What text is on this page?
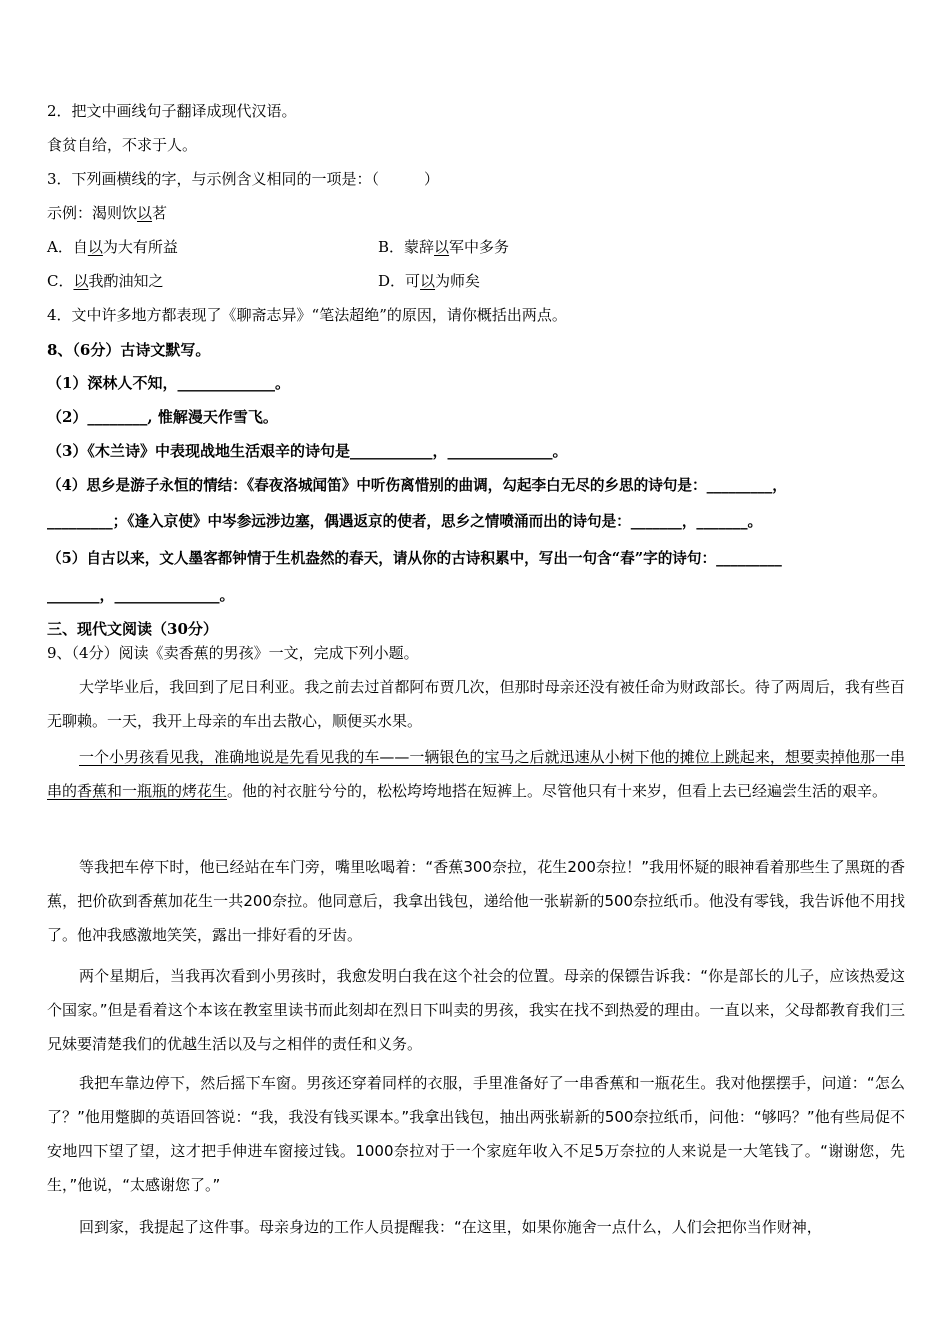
2．把文中画线句子翻译成现代汉语。
食贫自给，不求于人。
3．下列画横线的字，与示例含义相同的一项是：（　　　）
示例：渴则饮以茗
A．自以为大有所益	B．蒙辞以军中多务
C．以我酌油知之	D．可以为师矣
4．文中许多地方都表现了《聊斋志异》“笔法超绝”的原因，请你概括出两点。
8、（6分）古诗文默写。
（1）深林人不知，_____________。
（2）________, 惟解漫天作雪飞。
（3）《木兰诗》中表现战地生活艰辛的诗句是___________，______________。
（4）思乡是游子永恒的情结：《春夜洛城闻笛》中听伤离惜别的曲调，勾起李白无尽的乡思的诗句是：_________，
_________；《逢入京使》中岑参远涉边塞，偶遇返京的使者，思乡之情喷涌而出的诗句是：_______，_______。
（5）自古以来，文人墨客都钟情于生机盎然的春天，请从你的古诗积累中，写出一句含“春”字的诗句：_________
_______，______________。
三、现代文阅读（30分）
9、（4分）阅读《卖香蕉的男孩》一文，完成下列小题。
大学毕业后，我回到了尼日利亚。我之前去过首都阿布贾几次，但那时母亲还没有被任命为财政部长。待了两周后，我有些百无聊赖。一天，我开上母亲的车出去散心，顺便买水果。
一个小男孩看见我，准确地说是先看见我的车——一辆银色的宝马之后就迅速从小树下他的摊位上跳起来，想要卖掉他那一串串的香蕉和一瓶瓶的烤花生。他的衬衣脏兮兮的，松松垮垮地搭在短裤上。尽管他只有十来岁，但看上去已经遍尝生活的艰辛。
等我把车停下时，他已经站在车门旁，嘴里吆喝着：“香蕉300奈拉，花生200奈拉！”我用怀疑的眼神看着那些生了黑斑的香蕉，把价砍到香蕉加花生一共200奈拉。他同意后，我拿出钱包，递给他一张崭新的500奈拉纸币。他没有零钱，我告诉他不用找了。他冲我感激地笑笑，露出一排好看的牙齿。
两个星期后，当我再次看到小男孩时，我愈发明白我在这个社会的位置。母亲的保镖告诉我：“你是部长的儿子，应该热爱这个国家。”但是看着这个本该在教室里读书而此刻却在烈日下叫卖的男孩，我实在找不到热爱的理由。一直以来，父母都教育我们三兄妹要清楚我们的优越生活以及与之相伴的责任和义务。
我把车靠边停下，然后摇下车窗。男孩还穿着同样的衣服，手里准备好了一串香蕉和一瓶花生。我对他摆摆手，问道：“怎么了？”他用蹩脚的英语回答说：“我，我没有钱买课本。”我拿出钱包，抽出两张崭新的500奈拉纸币，问他：“够吗？”他有些局促不安地四下望了望，这才把手伸进车窗接过钱。1000奈拉对于一个家庭年收入不足5万奈拉的人来说是一大笔钱了。“谢谢您，先生，”他说，“太感谢您了。”
回到家，我提起了这件事。母亲身边的工作人员提醒我：“在这里，如果你施舍一点什么，人们会把你当作财神，
